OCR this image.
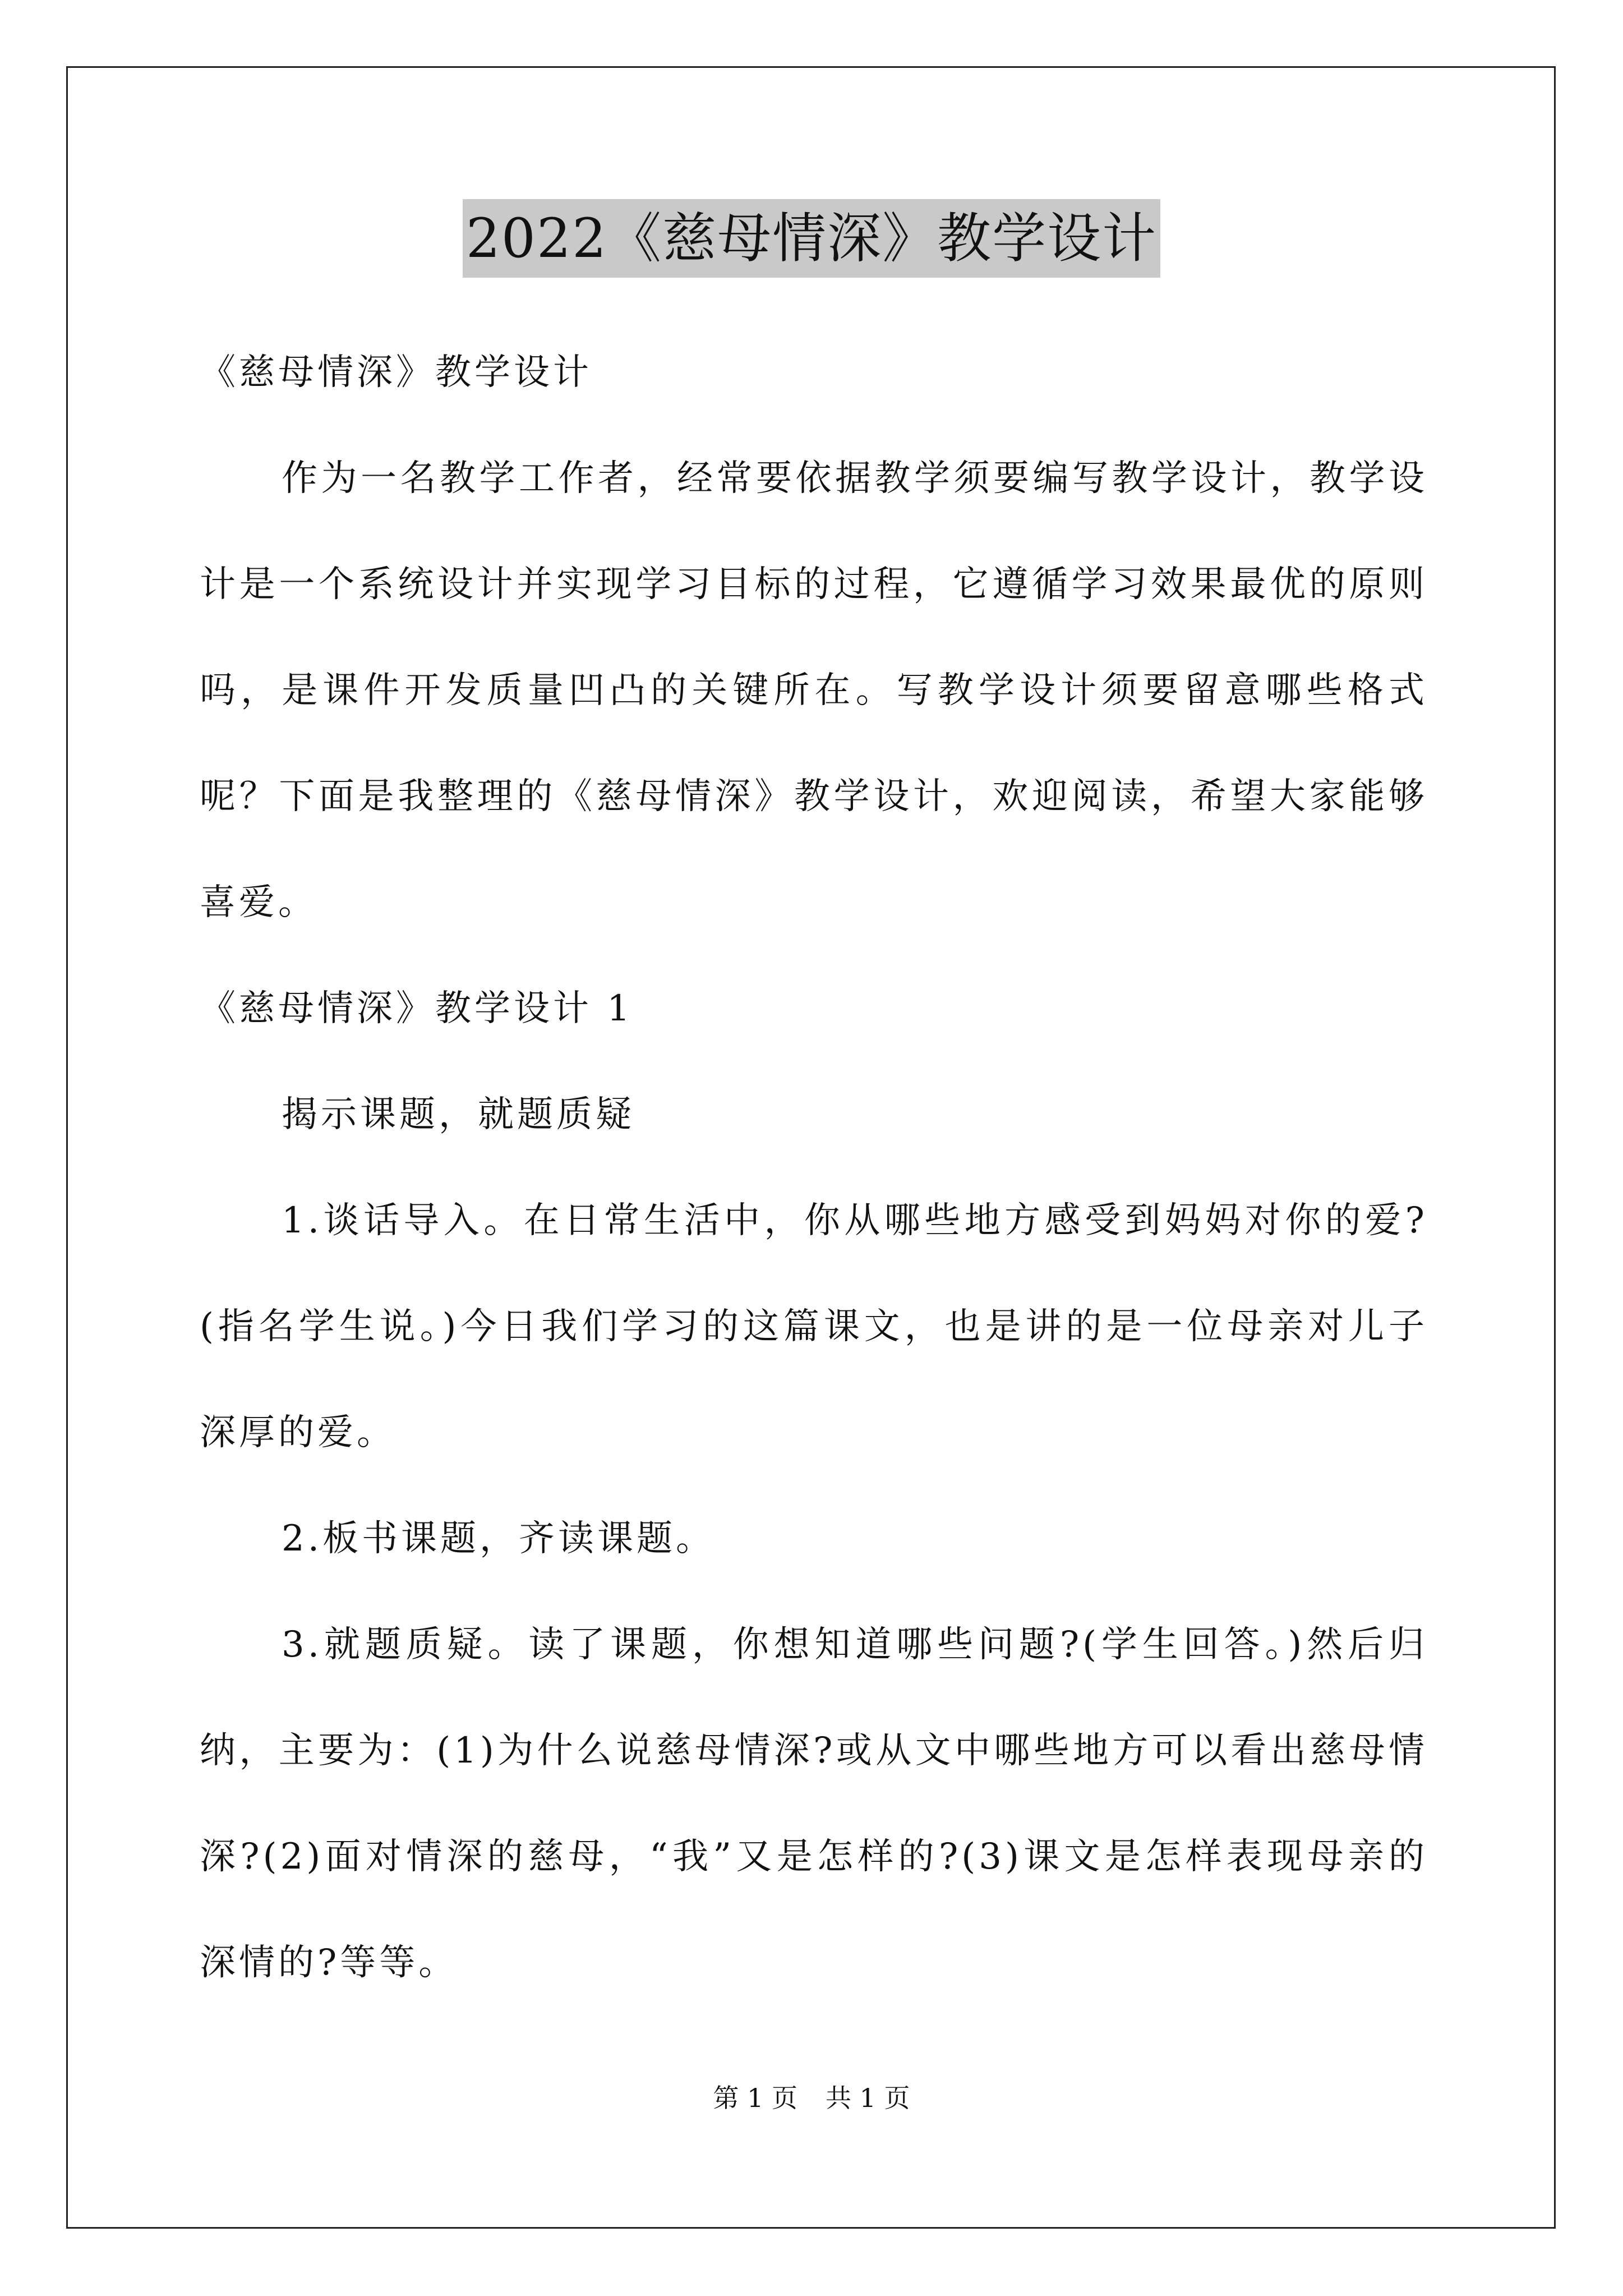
2022《慈母情深》教学设计

《慈母情深》教学设计

作为一名教学工作者，经常要依据教学须要编写教学设计，教学设计是一个系统设计并实现学习目标的过程，它遵循学习效果最优的原则吗，是课件开发质量凹凸的关键所在。写教学设计须要留意哪些格式呢？下面是我整理的《慈母情深》教学设计，欢迎阅读，希望大家能够喜爱。

《慈母情深》教学设计 1

揭示课题，就题质疑

1.谈话导入。在日常生活中，你从哪些地方感受到妈妈对你的爱?(指名学生说。)今日我们学习的这篇课文，也是讲的是一位母亲对儿子深厚的爱。

2.板书课题，齐读课题。

3.就题质疑。读了课题，你想知道哪些问题?(学生回答。)然后归纳，主要为：(1)为什么说慈母情深?或从文中哪些地方可以看出慈母情深?(2)面对情深的慈母，“我”又是怎样的?(3)课文是怎样表现母亲的深情的?等等。

第 1 页 共 1 页
